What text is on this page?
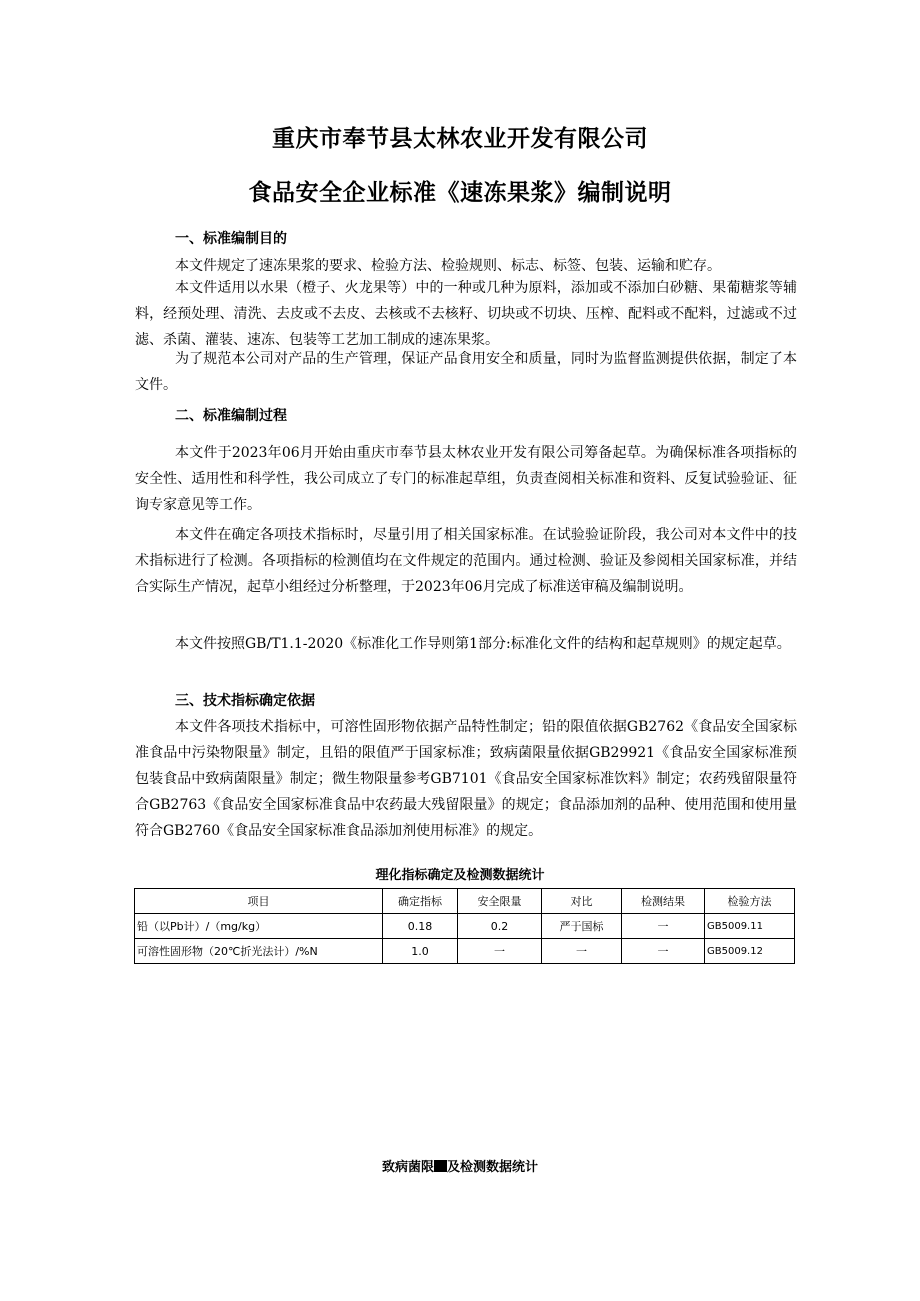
重庆市奉节县太林农业开发有限公司
食品安全企业标准《速冻果浆》编制说明
一、标准编制目的

本文件规定了速冻果浆的要求、检验方法、检验规则、标志、标签、包装、运输和贮存。

本文件适用以水果（橙子、火龙果等）中的一种或几种为原料，添加或不添加白砂糖、果葡糖浆等辅料，经预处理、清洗、去皮或不去皮、去核或不去核籽、切块或不切块、压榨、配料或不配料，过滤或不过滤、杀菌、灌装、速冻、包装等工艺加工制成的速冻果浆。

为了规范本公司对产品的生产管理，保证产品食用安全和质量，同时为监督监测提供依据，制定了本文件。

二、标准编制过程

本文件于2023年06月开始由重庆市奉节县太林农业开发有限公司筹备起草。为确保标准各项指标的安全性、适用性和科学性，我公司成立了专门的标准起草组，负责查阅相关标准和资料、反复试验验证、征询专家意见等工作。

本文件在确定各项技术指标时，尽量引用了相关国家标准。在试验验证阶段，我公司对本文件中的技术指标进行了检测。各项指标的检测值均在文件规定的范围内。通过检测、验证及参阅相关国家标准，并结合实际生产情况，起草小组经过分析整理，于2023年06月完成了标准送审稿及编制说明。

本文件按照GB/T1.1-2020《标准化工作导则第1部分:标准化文件的结构和起草规则》的规定起草。

三、技术指标确定依据

本文件各项技术指标中，可溶性固形物依据产品特性制定；铅的限值依据GB2762《食品安全国家标准食品中污染物限量》制定，且铅的限值严于国家标准；致病菌限量依据GB29921《食品安全国家标准预包装食品中致病菌限量》制定；微生物限量参考GB7101《食品安全国家标准饮料》制定；农药残留限量符合GB2763《食品安全国家标准食品中农药最大残留限量》的规定；食品添加剂的品种、使用范围和使用量符合GB2760《食品安全国家标准食品添加剂使用标准》的规定。

理化指标确定及检测数据统计
项目	确定指标	安全限量	对比	检测结果	检验方法
铅（以Pb计）/（mg/kg）	0.18	0.2	严于国标	一	GB5009.11
可溶性固形物（20℃折光法计）/%N	1.0	一	一	一	GB5009.12
致病菌限 及检测数据统计
